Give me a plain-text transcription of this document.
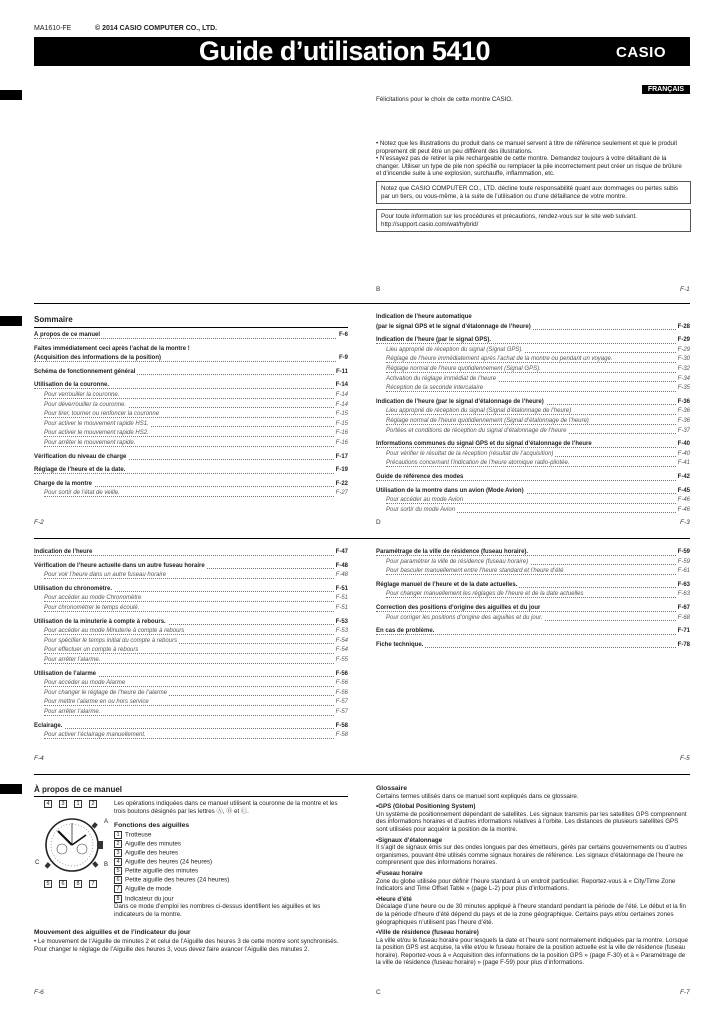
MA1610-FE	© 2014 CASIO COMPUTER CO., LTD.
Guide d’utilisation 5410	CASIO
FRANÇAIS
Félicitations pour le choix de cette montre CASIO.
• Notez que les illustrations du produit dans ce manuel servent à titre de référence seulement et que le produit proprement dit peut être un peu différent des illustrations.
• N’essayez pas de retirer la pile rechargeable de cette montre. Demandez toujours à votre détaillant de la changer. Utiliser un type de pile non spécifié ou remplacer la pile incorrectement peut créer un risque de brûlure et d’incendie suite à une explosion, surchauffe, inflammation, etc.
Notez que CASIO COMPUTER CO., LTD. décline toute responsabilité quant aux dommages ou pertes subis par un tiers, ou vous-même, à la suite de l’utilisation ou d’une défaillance de votre montre.
Pour toute information sur les procédures et précautions, rendez-vous sur le site web suivant. http://support.casio.com/wat/hybrid/
B	F-1
Sommaire
À propos de ce manuel	F-6
Faites immédiatement ceci après l’achat de la montre !
(Acquisition des informations de la position)	F-9
Schéma de fonctionnement général	F-11
Utilisation de la couronne.	F-14
Pour verrouiller la couronne.	F-14
Pour déverrouiller la couronne.	F-14
Pour tirer, tourner ou renfoncer la couronne	F-15
Pour activer le mouvement rapide HS1.	F-15
Pour activer le mouvement rapide HS2.	F-16
Pour arrêter le mouvement rapide.	F-16
Vérification du niveau de charge	F-17
Réglage de l’heure et de la date.	F-19
Charge de la montre	F-22
Pour sortir de l’état de veille.	F-27
F-2
Indication de l’heure automatique
(par le signal GPS et le signal d’étalonnage de l’heure)	F-28
Indication de l’heure (par le signal GPS).	F-29
Lieu approprié de réception du signal (Signal GPS).	F-29
Réglage de l’heure immédiatement après l’achat de la montre ou pendant un voyage.	F-30
Réglage normal de l’heure quotidiennement (Signal GPS).	F-32
Activation du réglage immédiat de l’heure	F-34
Réception de la seconde intercalaire	F-35
Indication de l’heure (par le signal d’étalonnage de l’heure)	F-36
Lieu approprié de réception du signal (Signal d’étalonnage de l’heure)	F-36
Réglage normal de l’heure quotidiennement (Signal d’étalonnage de l’heure)	F-36
Portées et conditions de réception du signal d’étalonnage de l’heure	F-37
Informations communes du signal GPS et du signal d’étalonnage de l’heure	F-40
Pour vérifier le résultat de la réception (résultat de l’acquisition)	F-40
Précautions concernant l’indication de l’heure atomique radio-pilotée.	F-41
Guide de référence des modes	F-42
Utilisation de la montre dans un avion (Mode Avion)	F-45
Pour accéder au mode Avion	F-46
Pour sortir du mode Avion	F-46
D	F-3
Indication de l’heure	F-47
Vérification de l’heure actuelle dans un autre fuseau horaire	F-48
Pour voir l’heure dans un autre fuseau horaire	F-48
Utilisation du chronomètre.	F-51
Pour accéder au mode Chronomètre	F-51
Pour chronométrer le temps écoulé.	F-51
Utilisation de la minuterie à compte à rebours.	F-53
Pour accéder au mode Minuterie à compte à rebours	F-53
Pour spécifier le temps initial du compte à rebours	F-54
Pour effectuer un compte à rebours	F-54
Pour arrêter l’alarme.	F-55
Utilisation de l’alarme	F-56
Pour accéder au mode Alarme	F-56
Pour changer le réglage de l’heure de l’alarme	F-56
Pour mettre l’alarme en ou hors service	F-57
Pour arrêter l’alarme.	F-57
Éclairage.	F-58
Pour activer l’éclairage manuellement.	F-58
F-4
Paramétrage de la ville de résidence (fuseau horaire).	F-59
Pour paramétrer la ville de résidence (fuseau horaire)	F-59
Pour basculer manuellement entre l’heure standard et l’heure d’été	F-61
Réglage manuel de l’heure et de la date actuelles.	F-63
Pour changer manuellement les réglages de l’heure et de la date actuelles	F-63
Correction des positions d’origine des aiguilles et du jour	F-67
Pour corriger les positions d’origine des aiguilles et du jour.	F-68
En cas de problème.	F-71
Fiche technique.	F-78
F-5
À propos de ce manuel
Les opérations indiquées dans ce manuel utilisent la couronne de la montre et les trois boutons désignés par les lettres Ⓐ, Ⓑ et Ⓒ.
4	3	1	2
5	6	8	7
A
C	B
Fonctions des aiguilles
1 Trotteuse
2 Aiguille des minutes
3 Aiguille des heures
4 Aiguille des heures (24 heures)
5 Petite aiguille des minutes
6 Petite aiguille des heures (24 heures)
7 Aiguille de mode
8 Indicateur du jour
Dans ce mode d’emploi les nombres ci-dessus identifient les aiguilles et les indicateurs de la montre.
Mouvement des aiguilles et de l’indicateur du jour
• Le mouvement de l’Aiguille de minutes 2 et celui de l’Aiguille des heures 3 de cette montre sont synchronisés. Pour changer le réglage de l’Aiguille des heures 3, vous devez faire avancer l’Aiguille des minutes 2.
F-6
Glossaire
Certains termes utilisés dans ce manuel sont expliqués dans ce glossaire.
• GPS (Global Positioning System)
Un système de positionnement dépendant de satellites. Les signaux transmis par les satellites GPS comprennent des informations horaires et d’autres informations relatives à l’orbite. Les distances de plusieurs satellites GPS sont utilisées pour acquérir la position de la montre.
• Signaux d’étalonnage
Il s’agit de signaux émis sur des ondes longues par des émetteurs, gérés par certains gouvernements ou d’autres organismes, pouvant être utilisés comme signaux horaires de référence. Les signaux d’étalonnage de l’heure ne comprennent que des informations horaires.
• Fuseau horaire
Zone du globe utilisée pour définir l’heure standard à un endroit particulier. Reportez-vous à « City/Time Zone Indicators and Time Offset Table » (page L-2) pour plus d’informations.
• Heure d’été
Décalage d’une heure ou de 30 minutes appliqué à l’heure standard pendant la période de l’été. Le début et la fin de la période d’heure d’été dépend du pays et de la zone géographique. Certains pays et/ou certaines zones géographiques n’utilisent pas l’heure d’été.
• Ville de résidence (fuseau horaire)
La ville et/ou le fuseau horaire pour lesquels la date et l’heure sont normalement indiquées par la montre. Lorsque la position GPS est acquise, la ville et/ou le fuseau horaire de la position actuelle est la ville de résidence (fuseau horaire). Reportez-vous à « Acquisition des informations de la position GPS » (page F-30) et à « Paramétrage de la ville de résidence (fuseau horaire) » (page F-59) pour plus d’informations.
C	F-7
